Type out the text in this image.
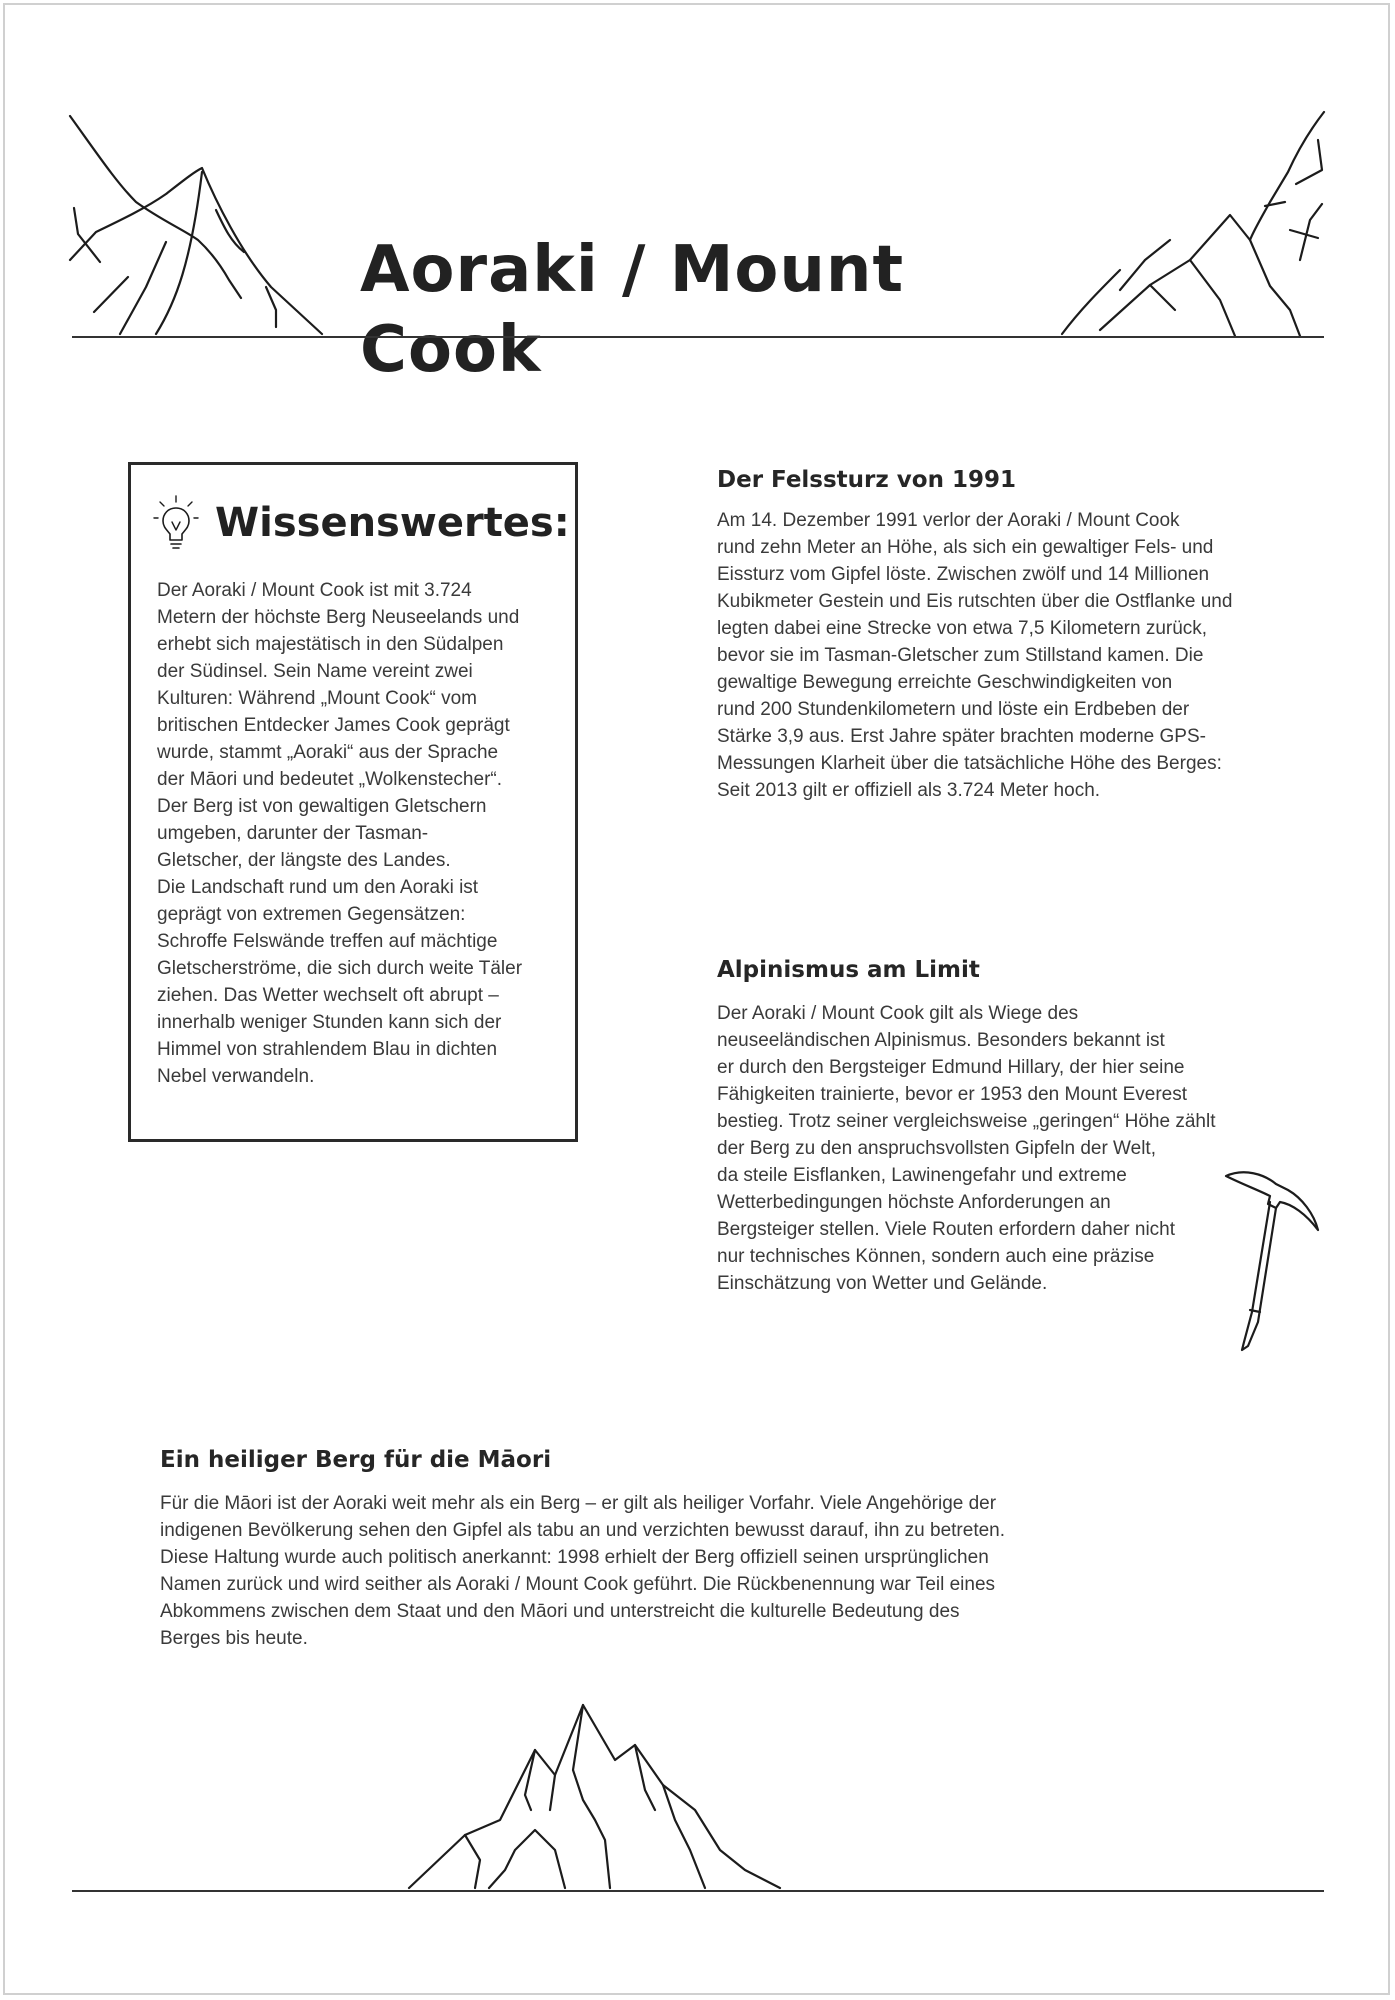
Aoraki / Mount Cook
Wissenswertes:
Der Aoraki / Mount Cook ist mit 3.724
Metern der höchste Berg Neuseelands und
erhebt sich majestätisch in den Südalpen
der Südinsel. Sein Name vereint zwei
Kulturen: Während „Mount Cook“ vom
britischen Entdecker James Cook geprägt
wurde, stammt „Aoraki“ aus der Sprache
der Māori und bedeutet „Wolkenstecher“.
Der Berg ist von gewaltigen Gletschern
umgeben, darunter der Tasman-
Gletscher, der längste des Landes.
Die Landschaft rund um den Aoraki ist
geprägt von extremen Gegensätzen:
Schroffe Felswände treffen auf mächtige
Gletscherströme, die sich durch weite Täler
ziehen. Das Wetter wechselt oft abrupt –
innerhalb weniger Stunden kann sich der
Himmel von strahlendem Blau in dichten
Nebel verwandeln.
Der Felssturz von 1991
Am 14. Dezember 1991 verlor der Aoraki / Mount Cook
rund zehn Meter an Höhe, als sich ein gewaltiger Fels- und
Eissturz vom Gipfel löste. Zwischen zwölf und 14 Millionen
Kubikmeter Gestein und Eis rutschten über die Ostflanke und
legten dabei eine Strecke von etwa 7,5 Kilometern zurück,
bevor sie im Tasman-Gletscher zum Stillstand kamen. Die
gewaltige Bewegung erreichte Geschwindigkeiten von
rund 200 Stundenkilometern und löste ein Erdbeben der
Stärke 3,9 aus. Erst Jahre später brachten moderne GPS-
Messungen Klarheit über die tatsächliche Höhe des Berges:
Seit 2013 gilt er offiziell als 3.724 Meter hoch.
Alpinismus am Limit
Der Aoraki / Mount Cook gilt als Wiege des
neuseeländischen Alpinismus. Besonders bekannt ist
er durch den Bergsteiger Edmund Hillary, der hier seine
Fähigkeiten trainierte, bevor er 1953 den Mount Everest
bestieg. Trotz seiner vergleichsweise „geringen“ Höhe zählt
der Berg zu den anspruchsvollsten Gipfeln der Welt,
da steile Eisflanken, Lawinengefahr und extreme
Wetterbedingungen höchste Anforderungen an
Bergsteiger stellen. Viele Routen erfordern daher nicht
nur technisches Können, sondern auch eine präzise
Einschätzung von Wetter und Gelände.
Ein heiliger Berg für die Māori
Für die Māori ist der Aoraki weit mehr als ein Berg – er gilt als heiliger Vorfahr. Viele Angehörige der
indigenen Bevölkerung sehen den Gipfel als tabu an und verzichten bewusst darauf, ihn zu betreten.
Diese Haltung wurde auch politisch anerkannt: 1998 erhielt der Berg offiziell seinen ursprünglichen
Namen zurück und wird seither als Aoraki / Mount Cook geführt. Die Rückbenennung war Teil eines
Abkommens zwischen dem Staat und den Māori und unterstreicht die kulturelle Bedeutung des
Berges bis heute.
